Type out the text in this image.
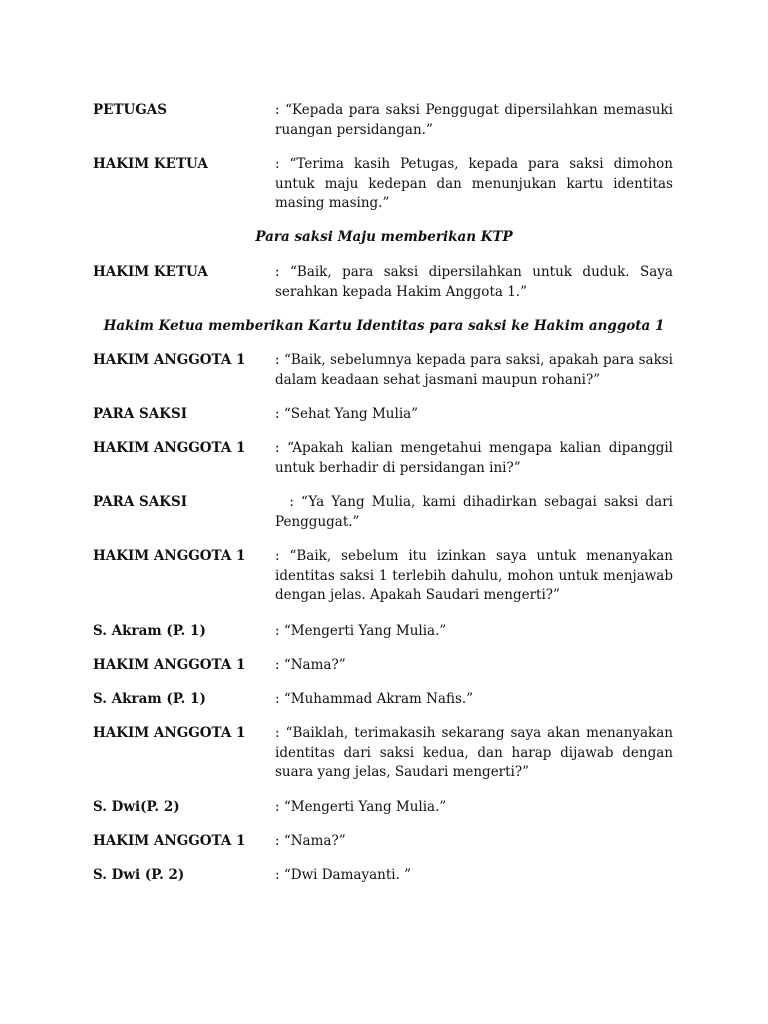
PETUGAS	: “Kepada para saksi Penggugat dipersilahkan memasuki ruangan persidangan.”
HAKIM KETUA	: “Terima kasih Petugas, kepada para saksi dimohon untuk maju kedepan dan menunjukan kartu identitas masing masing.”
Para saksi Maju memberikan KTP
HAKIM KETUA	: “Baik, para saksi dipersilahkan untuk duduk. Saya serahkan kepada Hakim Anggota 1.”
Hakim Ketua memberikan Kartu Identitas para saksi ke Hakim anggota 1
HAKIM ANGGOTA 1 : “Baik, sebelumnya kepada para saksi, apakah para saksi dalam keadaan sehat jasmani maupun rohani?”
PARA SAKSI	: “Sehat Yang Mulia”
HAKIM ANGGOTA 1 : “Apakah kalian mengetahui mengapa kalian dipanggil untuk berhadir di persidangan ini?”
PARA SAKSI	: “Ya Yang Mulia, kami dihadirkan sebagai saksi dari Penggugat.”
HAKIM ANGGOTA 1 : “Baik, sebelum itu izinkan saya untuk menanyakan identitas saksi 1 terlebih dahulu, mohon untuk menjawab dengan jelas. Apakah Saudari mengerti?”
S. Akram (P. 1)	: “Mengerti Yang Mulia.”
HAKIM ANGGOTA 1 : “Nama?”
S. Akram (P. 1)	: “Muhammad Akram Nafis.”
HAKIM ANGGOTA 1 : “Baiklah, terimakasih sekarang saya akan menanyakan identitas dari saksi kedua, dan harap dijawab dengan suara yang jelas, Saudari mengerti?”
S. Dwi(P. 2)	: “Mengerti Yang Mulia.”
HAKIM ANGGOTA 1 : “Nama?”
S. Dwi (P. 2)	: “Dwi Damayanti. ”
